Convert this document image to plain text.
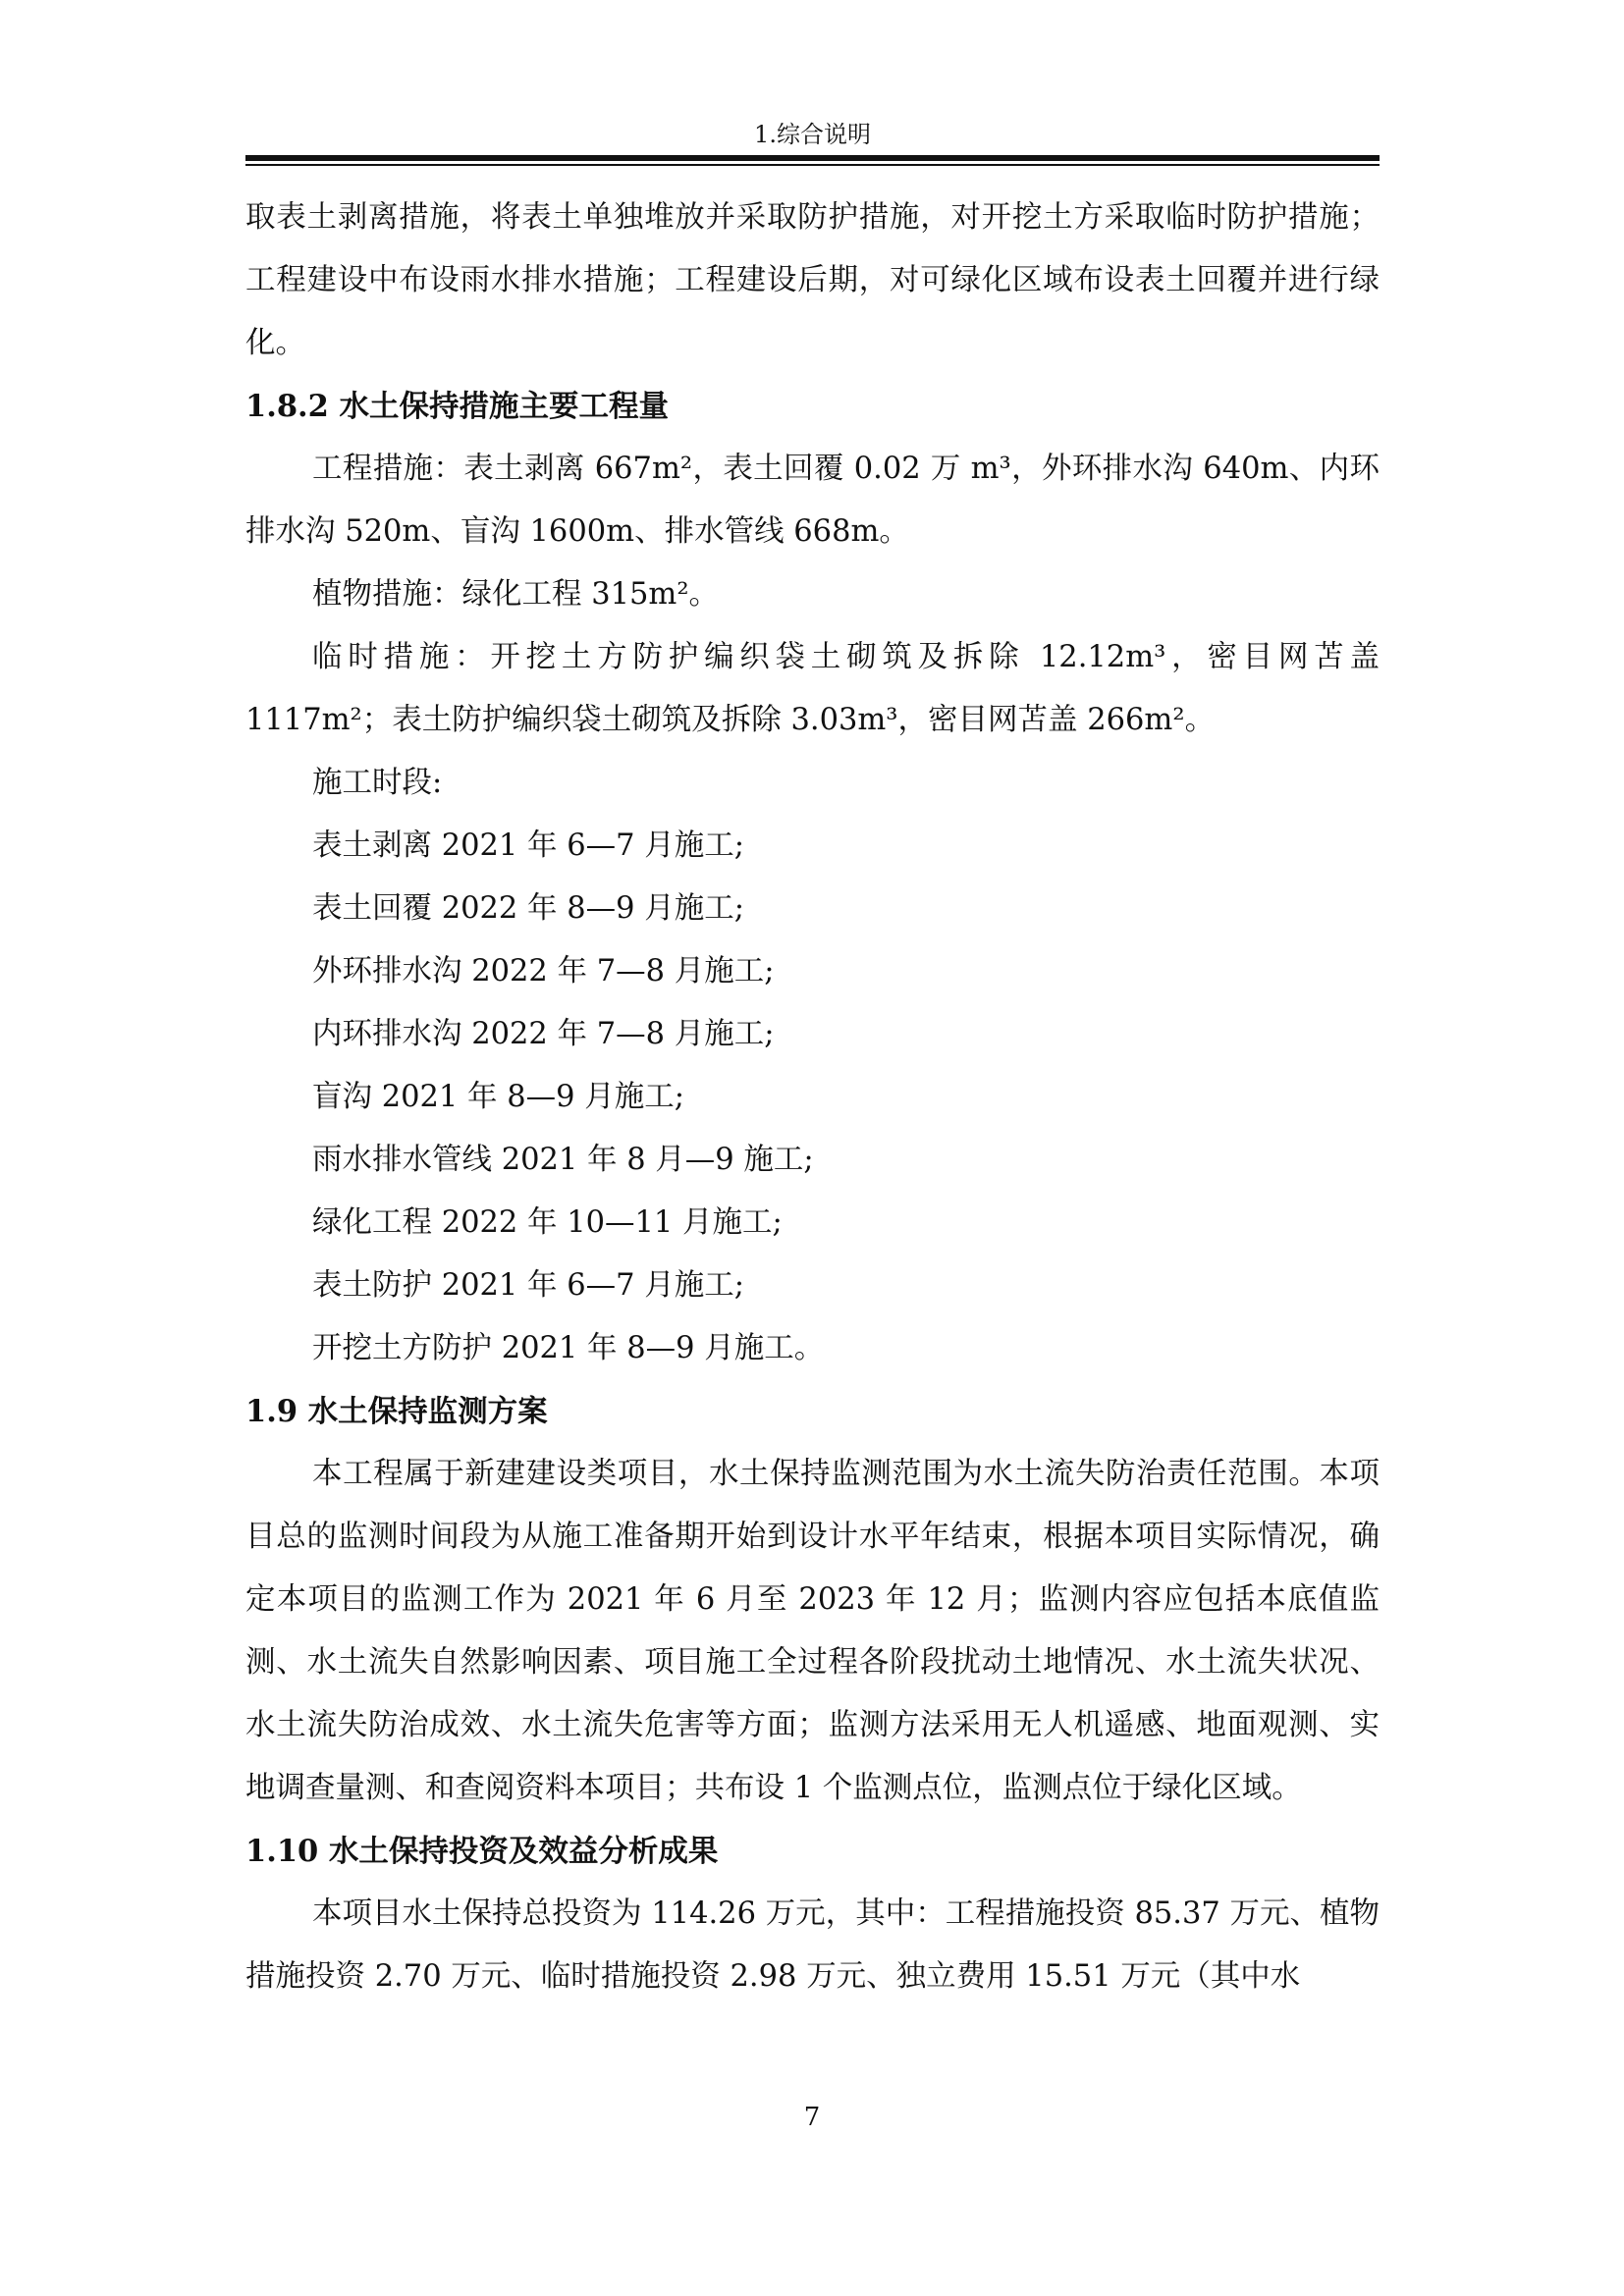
1.综合说明

取表土剥离措施，将表土单独堆放并采取防护措施，对开挖土方采取临时防护措施；工程建设中布设雨水排水措施；工程建设后期，对可绿化区域布设表土回覆并进行绿化。

1.8.2 水土保持措施主要工程量

工程措施：表土剥离 667m²，表土回覆 0.02 万 m³，外环排水沟 640m、内环排水沟 520m、盲沟 1600m、排水管线 668m。

植物措施：绿化工程 315m²。

临时措施：开挖土方防护编织袋土砌筑及拆除 12.12m³，密目网苫盖 1117m²；表土防护编织袋土砌筑及拆除 3.03m³，密目网苫盖 266m²。

施工时段:

表土剥离 2021 年 6—7 月施工;

表土回覆 2022 年 8—9 月施工;

外环排水沟 2022 年 7—8 月施工;

内环排水沟 2022 年 7—8 月施工;

盲沟 2021 年 8—9 月施工;

雨水排水管线 2021 年 8 月—9 施工;

绿化工程 2022 年 10—11 月施工;

表土防护 2021 年 6—7 月施工;

开挖土方防护 2021 年 8—9 月施工。

1.9 水土保持监测方案

本工程属于新建建设类项目，水土保持监测范围为水土流失防治责任范围。本项目总的监测时间段为从施工准备期开始到设计水平年结束，根据本项目实际情况，确定本项目的监测工作为 2021 年 6 月至 2023 年 12 月；监测内容应包括本底值监测、水土流失自然影响因素、项目施工全过程各阶段扰动土地情况、水土流失状况、水土流失防治成效、水土流失危害等方面；监测方法采用无人机遥感、地面观测、实地调查量测、和查阅资料本项目；共布设 1 个监测点位，监测点位于绿化区域。

1.10 水土保持投资及效益分析成果

本项目水土保持总投资为 114.26 万元，其中：工程措施投资 85.37 万元、植物措施投资 2.70 万元、临时措施投资 2.98 万元、独立费用 15.51 万元（其中水

7
